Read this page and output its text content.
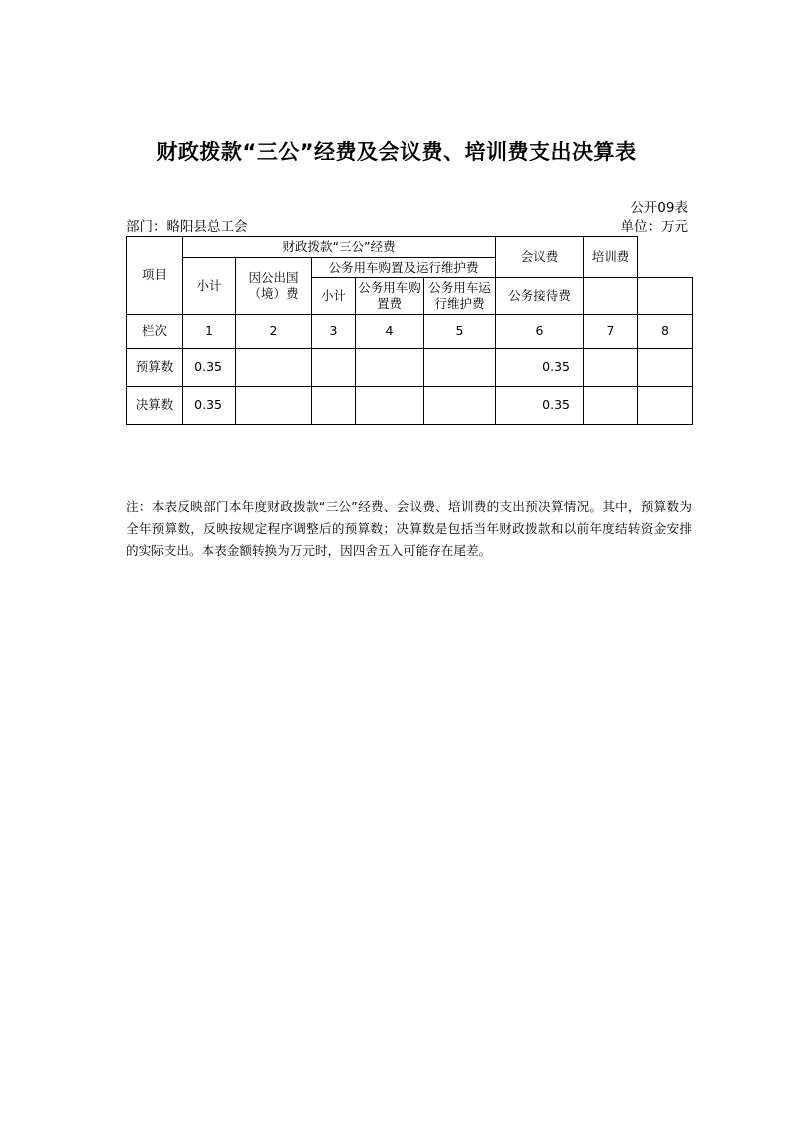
财政拨款“三公”经费及会议费、培训费支出决算表
公开09表
部门：略阳县总工会	单位：万元
项目	财政拨款“三公”经费					会议费	培训费	
	小计	因公出国（境）费	公务用车购置及运行维护费					
			小计	公务用车购置费	公务用车运行维护费	公务接待费		

栏次	1	2	3	4	5	6	7	8
预算数	0.35					0.35		

决算数	0.35					0.35		

注：本表反映部门本年度财政拨款“三公”经费、会议费、培训费的支出预决算情况。其中，预算数为全年预算数，反映按规定程序调整后的预算数；决算数是包括当年财政拨款和以前年度结转资金安排的实际支出。本表金额转换为万元时，因四舍五入可能存在尾差。
